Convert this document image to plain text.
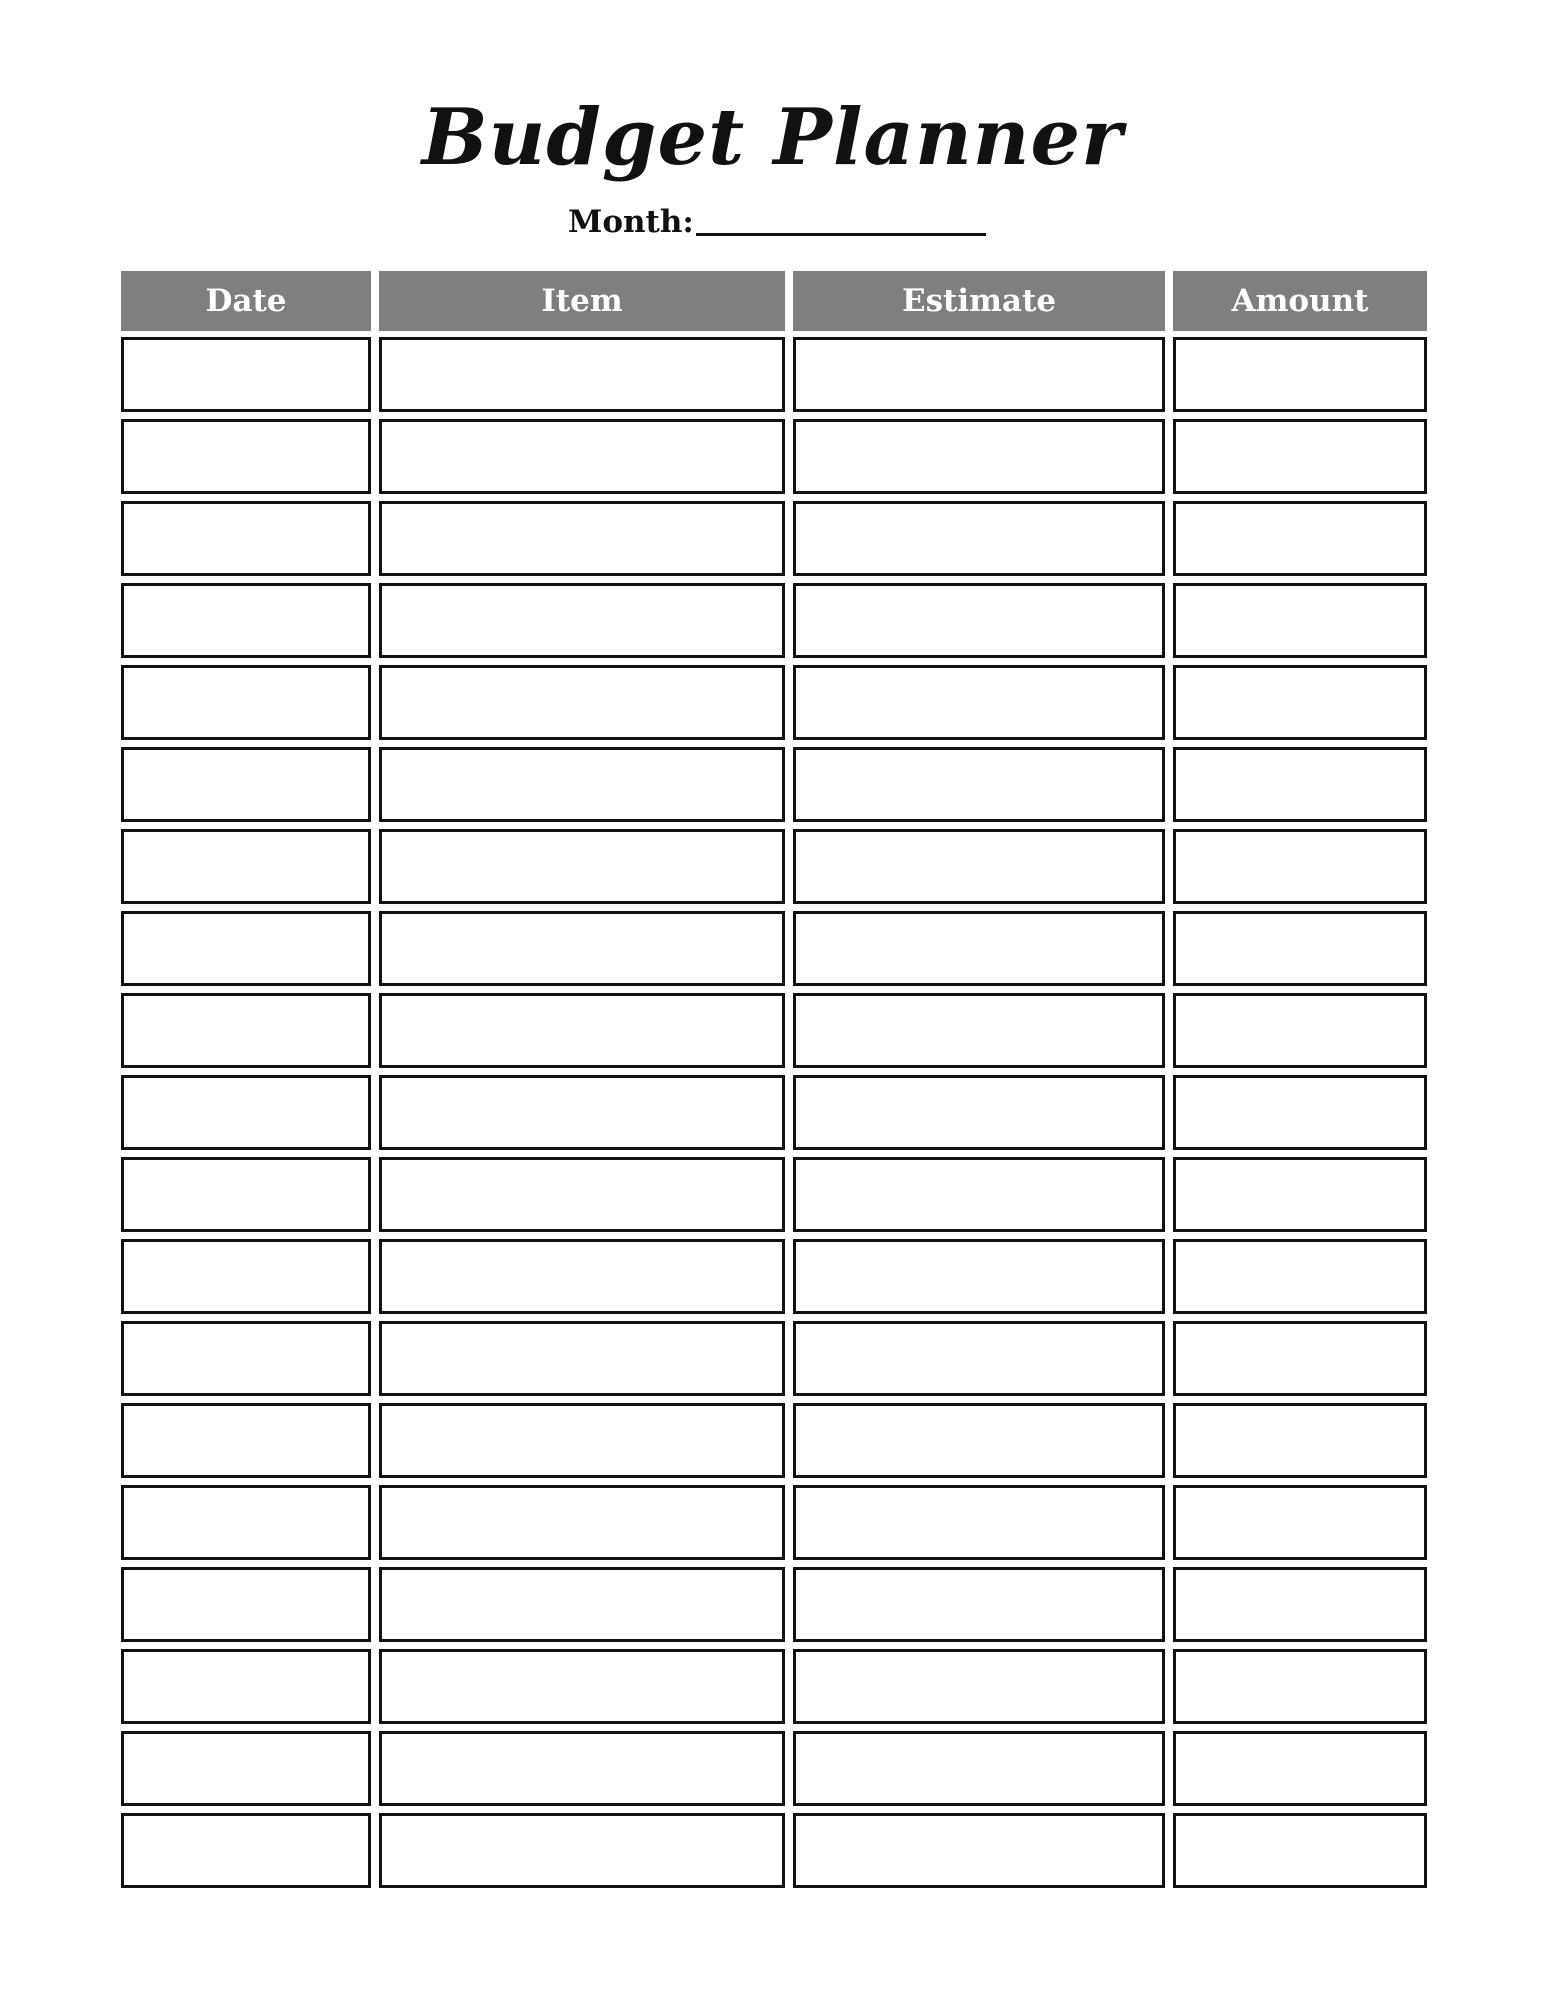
Budget Planner
Month:
Date	Item	Estimate	Amount
